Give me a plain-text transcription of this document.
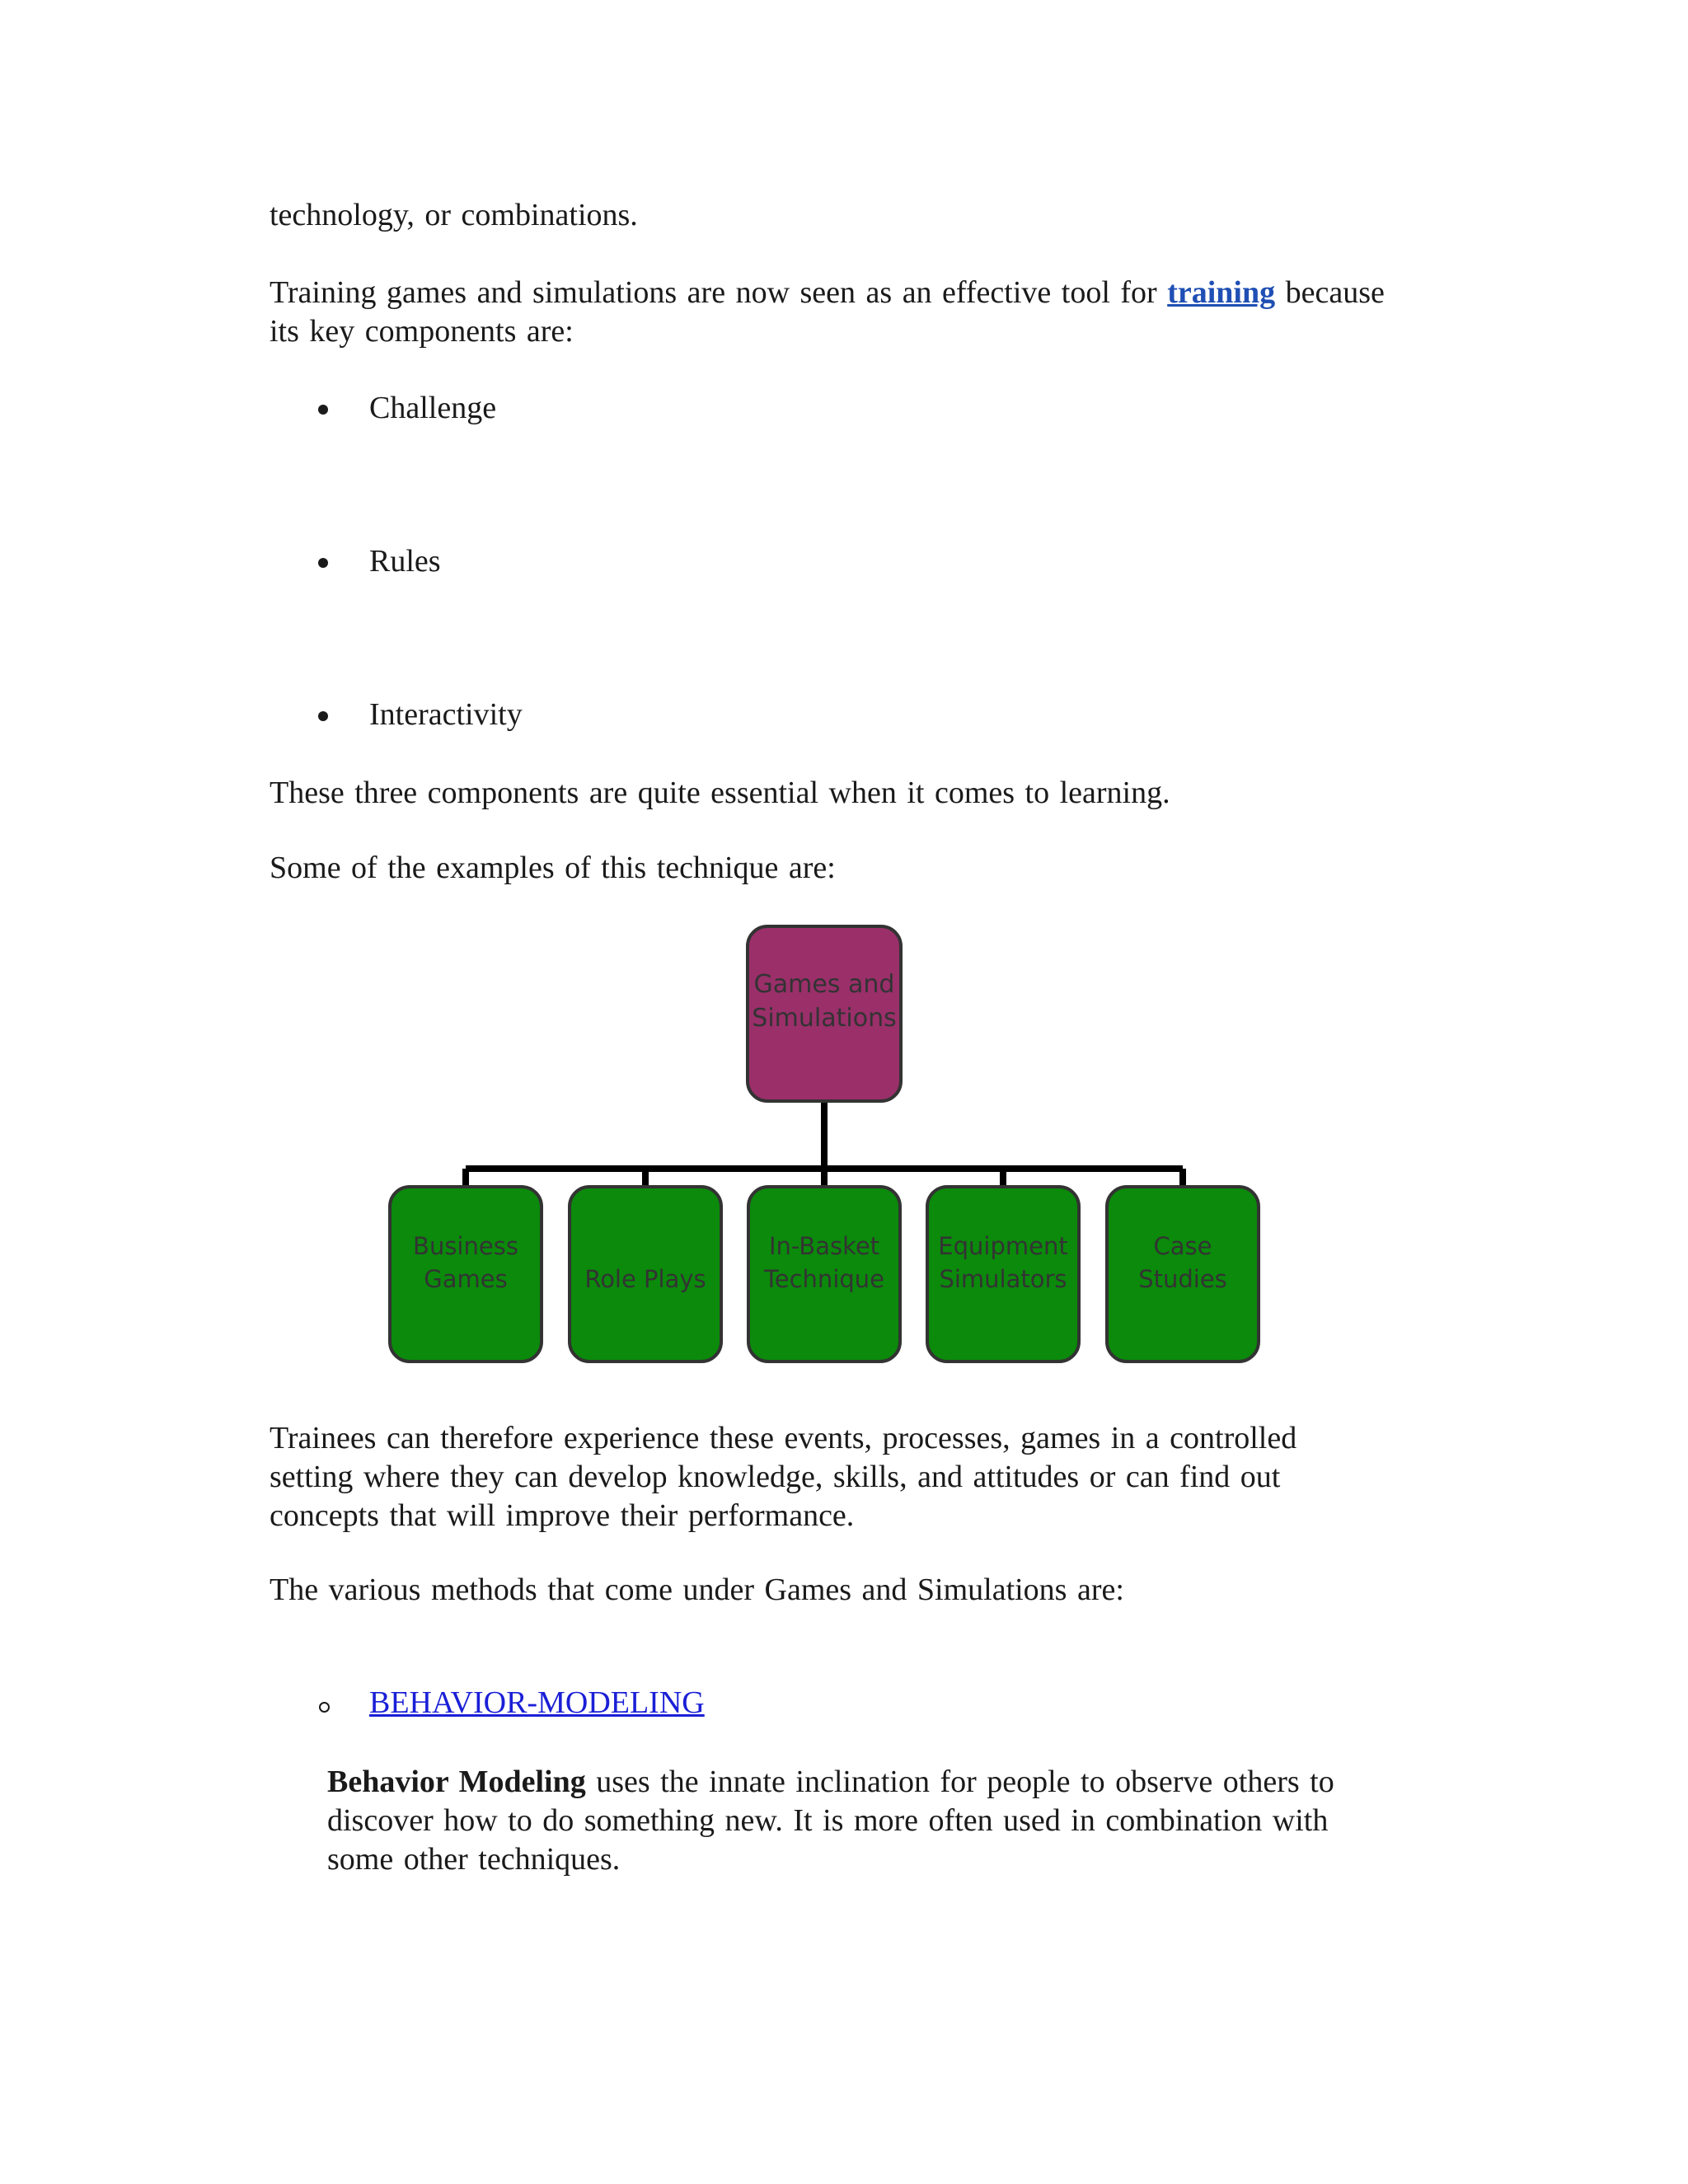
technology, or combinations.

Training games and simulations are now seen as an effective tool for training because
its key components are:

Challenge
Rules
Interactivity

These three components are quite essential when it comes to learning.

Some of the examples of this technique are:

Games and
Simulations
Business
Games	Role Plays
In-Basket
Technique
Equipment
Simulators
Case
Studies

Trainees can therefore experience these events, processes, games in a controlled
setting where they can develop knowledge, skills, and attitudes or can find out
concepts that will improve their performance.

The various methods that come under Games and Simulations are:

BEHAVIOR-MODELING

Behavior Modeling uses the innate inclination for people to observe others to
discover how to do something new. It is more often used in combination with
some other techniques.
